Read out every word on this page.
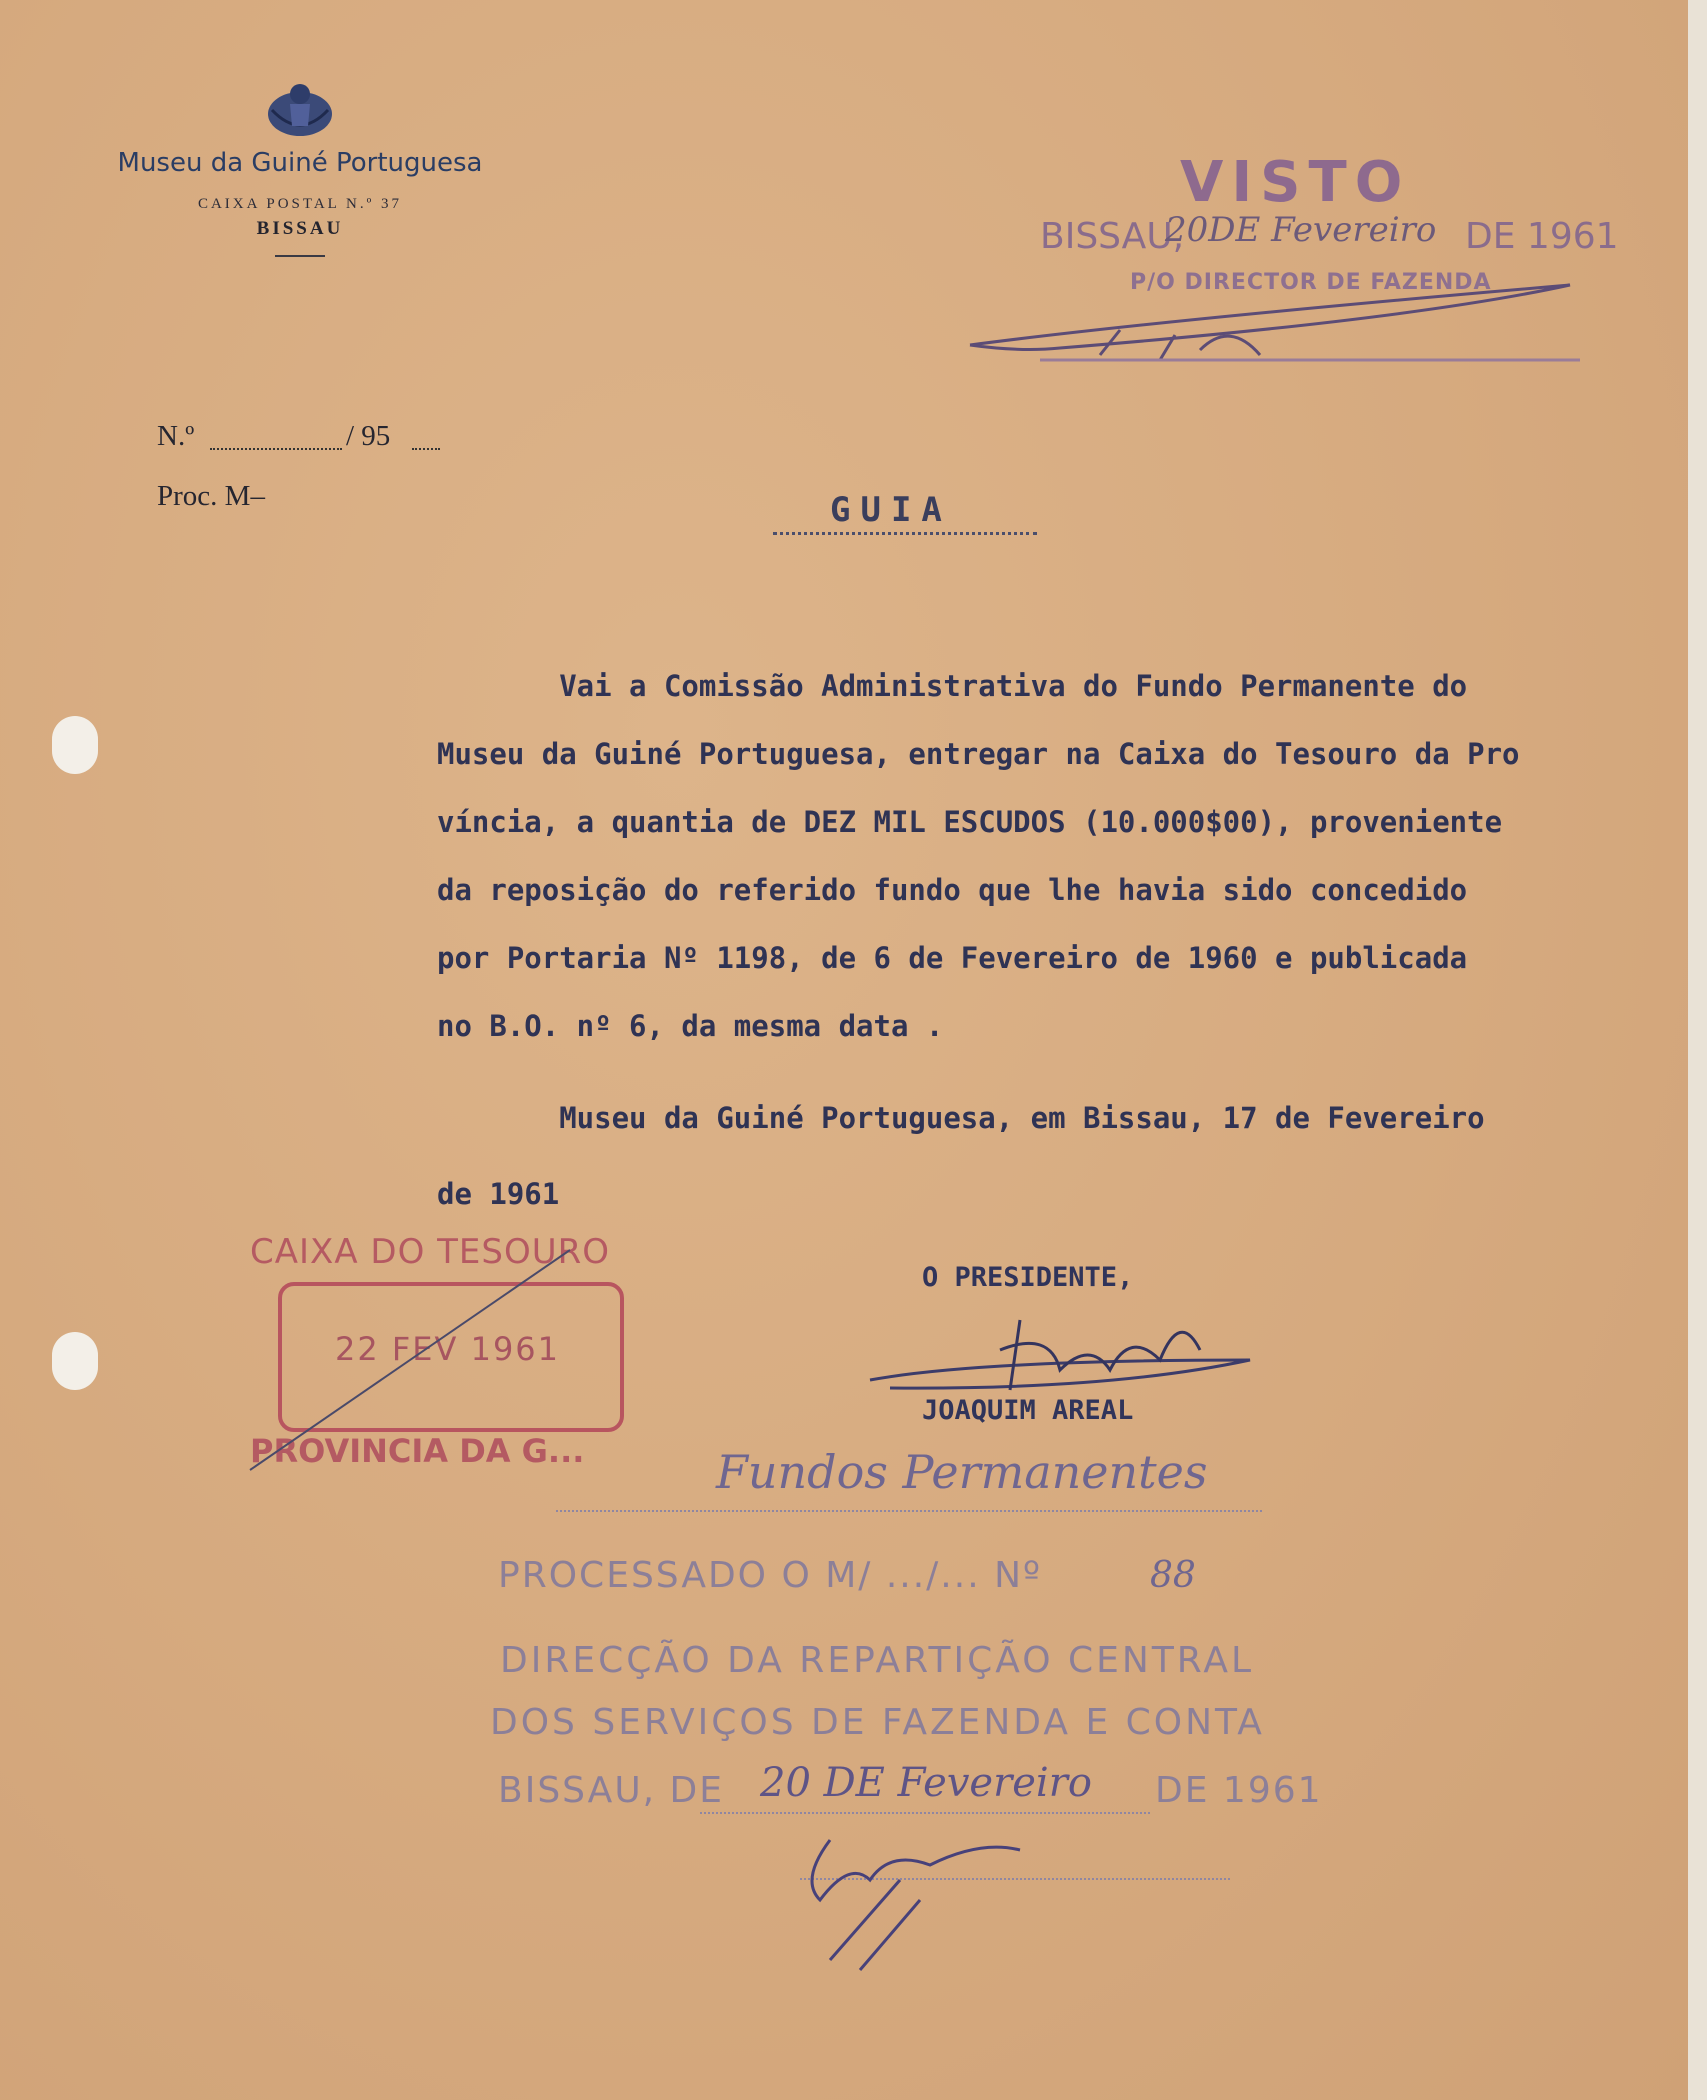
Museu da Guiné Portuguesa
CAIXA POSTAL N.º 37
BISSAU
N.º	/ 95
Proc. M–	GUIA
Vai a Comissão Administrativa do Fundo Permanente do
Museu da Guiné Portuguesa, entregar na Caixa do Tesouro da Pro
víncia, a quantia de DEZ MIL ESCUDOS (10.000$00), proveniente
da reposição do referido fundo que lhe havia sido concedido
por Portaria Nº 1198, de 6 de Fevereiro de 1960 e publicada
no B.O. nº 6, da mesma data .
Museu da Guiné Portuguesa, em Bissau, 17 de Fevereiro
de 1961
O PRESIDENTE,
JOAQUIM AREAL
VISTO
BISSAU,
20DE Fevereiro DE 1961
P/O DIRECTOR DE FAZENDA
CAIXA DO TESOURO
22 FEV 1961
PROVINCIA DA G...	Fundos Permanentes
PROCESSADO O M/ .../... Nº	88
DIRECÇÃO DA REPARTIÇÃO CENTRAL
DOS SERVIÇOS DE FAZENDA E CONTA
BISSAU, DE 20 DE Fevereiro DE 1961
